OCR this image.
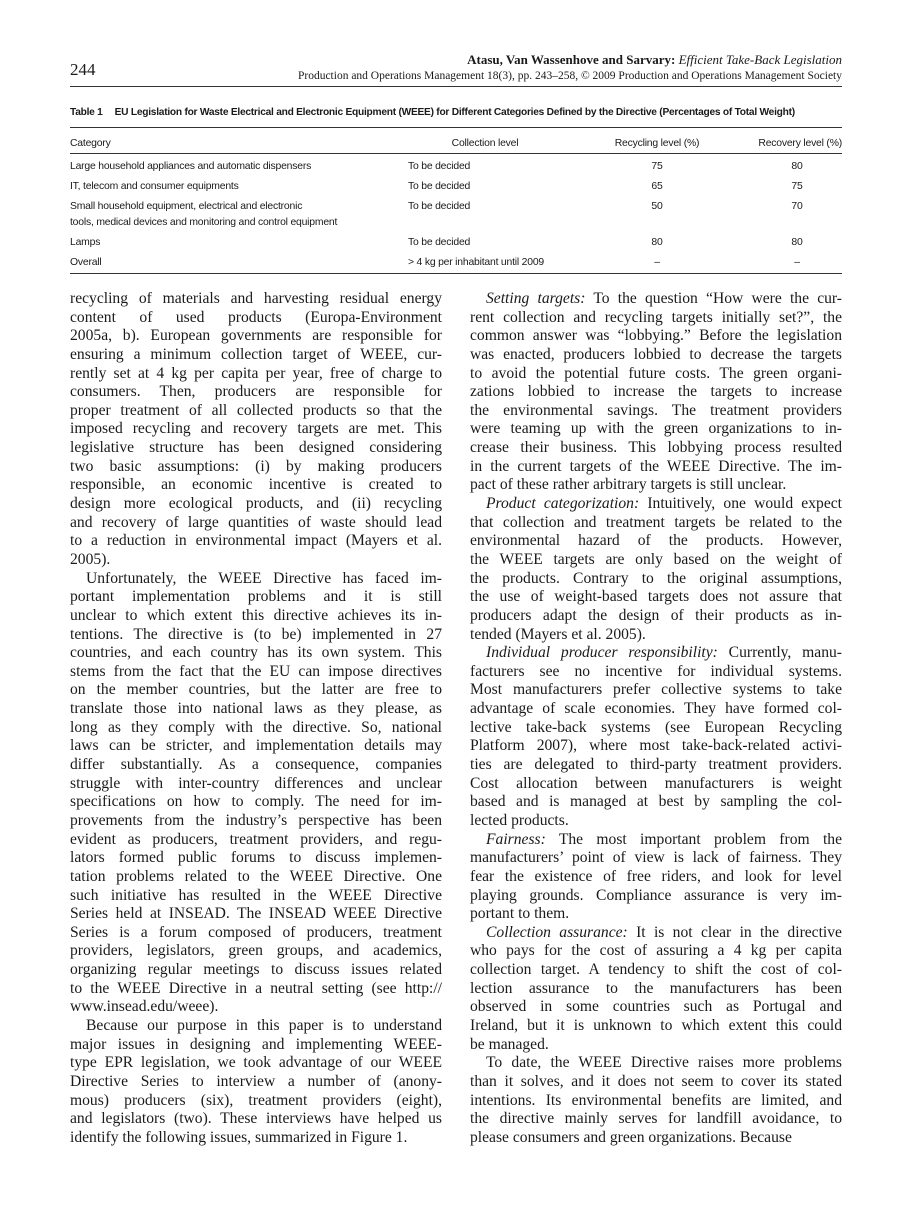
244
Atasu, Van Wassenhove and Sarvary: Efficient Take-Back Legislation
Production and Operations Management 18(3), pp. 243–258, © 2009 Production and Operations Management Society
Table 1 EU Legislation for Waste Electrical and Electronic Equipment (WEEE) for Different Categories Defined by the Directive (Percentages of Total Weight)
Category	Collection level	Recycling level (%)	Recovery level (%)
Large household appliances and automatic dispensers	To be decided	75	80
IT, telecom and consumer equipments	To be decided	65	75
Small household equipment, electrical and electronic
tools, medical devices and monitoring and control equipment
To be decided	50	70
Lamps	To be decided	80	80
Overall	> 4 kg per inhabitant until 2009	–	–
recycling of materials and harvesting residual energy
content of used products (Europa-Environment
2005a, b). European governments are responsible for
ensuring a minimum collection target of WEEE, cur-
rently set at 4 kg per capita per year, free of charge to
consumers. Then, producers are responsible for
proper treatment of all collected products so that the
imposed recycling and recovery targets are met. This
legislative structure has been designed considering
two basic assumptions: (i) by making producers
responsible, an economic incentive is created to
design more ecological products, and (ii) recycling
and recovery of large quantities of waste should lead
to a reduction in environmental impact (Mayers et al.
2005).
Unfortunately, the WEEE Directive has faced im-
portant implementation problems and it is still
unclear to which extent this directive achieves its in-
tentions. The directive is (to be) implemented in 27
countries, and each country has its own system. This
stems from the fact that the EU can impose directives
on the member countries, but the latter are free to
translate those into national laws as they please, as
long as they comply with the directive. So, national
laws can be stricter, and implementation details may
differ substantially. As a consequence, companies
struggle with inter-country differences and unclear
specifications on how to comply. The need for im-
provements from the industry’s perspective has been
evident as producers, treatment providers, and regu-
lators formed public forums to discuss implemen-
tation problems related to the WEEE Directive. One
such initiative has resulted in the WEEE Directive
Series held at INSEAD. The INSEAD WEEE Directive
Series is a forum composed of producers, treatment
providers, legislators, green groups, and academics,
organizing regular meetings to discuss issues related
to the WEEE Directive in a neutral setting (see http://
www.insead.edu/weee).
Because our purpose in this paper is to understand
major issues in designing and implementing WEEE-
type EPR legislation, we took advantage of our WEEE
Directive Series to interview a number of (anony-
mous) producers (six), treatment providers (eight),
and legislators (two). These interviews have helped us
identify the following issues, summarized in Figure 1.
Setting targets: To the question “How were the cur-
rent collection and recycling targets initially set?”, the
common answer was “lobbying.” Before the legislation
was enacted, producers lobbied to decrease the targets
to avoid the potential future costs. The green organi-
zations lobbied to increase the targets to increase
the environmental savings. The treatment providers
were teaming up with the green organizations to in-
crease their business. This lobbying process resulted
in the current targets of the WEEE Directive. The im-
pact of these rather arbitrary targets is still unclear.
Product categorization: Intuitively, one would expect
that collection and treatment targets be related to the
environmental hazard of the products. However,
the WEEE targets are only based on the weight of
the products. Contrary to the original assumptions,
the use of weight-based targets does not assure that
producers adapt the design of their products as in-
tended (Mayers et al. 2005).
Individual producer responsibility: Currently, manu-
facturers see no incentive for individual systems.
Most manufacturers prefer collective systems to take
advantage of scale economies. They have formed col-
lective take-back systems (see European Recycling
Platform 2007), where most take-back-related activi-
ties are delegated to third-party treatment providers.
Cost allocation between manufacturers is weight
based and is managed at best by sampling the col-
lected products.
Fairness: The most important problem from the
manufacturers’ point of view is lack of fairness. They
fear the existence of free riders, and look for level
playing grounds. Compliance assurance is very im-
portant to them.
Collection assurance: It is not clear in the directive
who pays for the cost of assuring a 4 kg per capita
collection target. A tendency to shift the cost of col-
lection assurance to the manufacturers has been
observed in some countries such as Portugal and
Ireland, but it is unknown to which extent this could
be managed.
To date, the WEEE Directive raises more problems
than it solves, and it does not seem to cover its stated
intentions. Its environmental benefits are limited, and
the directive mainly serves for landfill avoidance, to
please consumers and green organizations. Because
